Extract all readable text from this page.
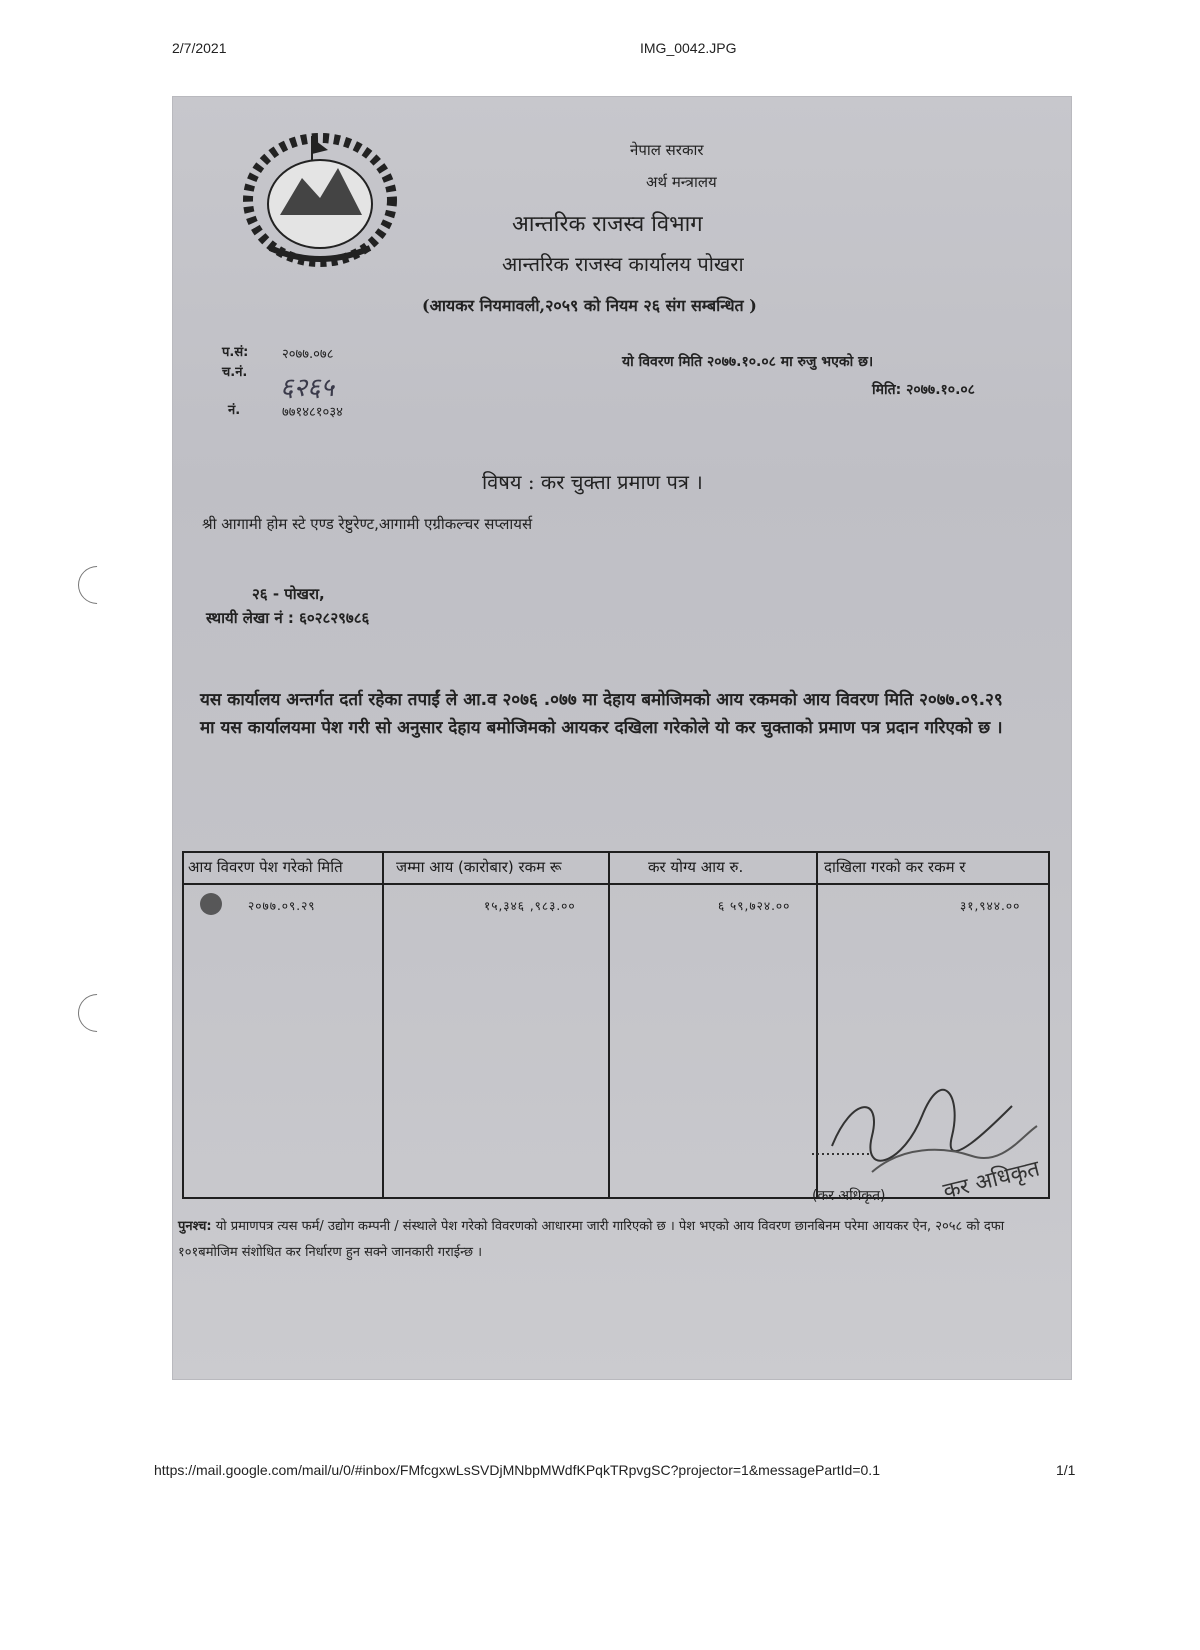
2/7/2021	IMG_0042.JPG
नेपाल सरकार
अर्थ मन्त्रालय
आन्तरिक राजस्व विभाग
आन्तरिक राजस्व कार्यालय पोखरा
(आयकर नियमावली,२०५९ को नियम २६ संग सम्बन्धित )
प.सं:	२०७७.०७८
च.नं.
६२६५
नं.	७७१४८१०३४
यो विवरण मिति २०७७.१०.०८ मा रुजु भएको छ।
मिति: २०७७.१०.०८
विषय : कर चुक्ता प्रमाण पत्र ।
श्री आगामी होम स्टे एण्ड रेष्टुरेण्ट,आगामी एग्रीकल्चर सप्लायर्स
२६ - पोखरा,
स्थायी लेखा नं : ६०२८२९७८६
यस कार्यालय अन्तर्गत दर्ता रहेका तपाईं ले आ.व २०७६ .०७७ मा देहाय बमोजिमको आय रकमको आय विवरण मिति २०७७.०९.२९ मा यस कार्यालयमा पेश गरी सो अनुसार देहाय बमोजिमको आयकर दखिला गरेकोले यो कर चुक्ताको प्रमाण पत्र प्रदान गरिएको छ ।
आय विवरण पेश गरेको मिति	जम्मा आय (कारोबार) रकम रू	कर योग्य आय रु.	दाखिला गरको कर रकम र
२०७७.०९.२९	१५,३४६ ,९८३.००	६ ५९,७२४.००	३१,९४४.००
कर अधिकृत
(कर अधिकृत)
पुनश्च: यो प्रमाणपत्र त्यस फर्म/ उद्योग कम्पनी / संस्थाले पेश गरेको विवरणको आधारमा जारी गारिएको छ । पेश भएको आय विवरण छानबिनम परेमा आयकर ऐन, २०५८ को दफा १०१बमोजिम संशोधित कर निर्धारण हुन सक्ने जानकारी गराईन्छ ।
https://mail.google.com/mail/u/0/#inbox/FMfcgxwLsSVDjMNbpMWdfKPqkTRpvgSC?projector=1&messagePartId=0.1	1/1
